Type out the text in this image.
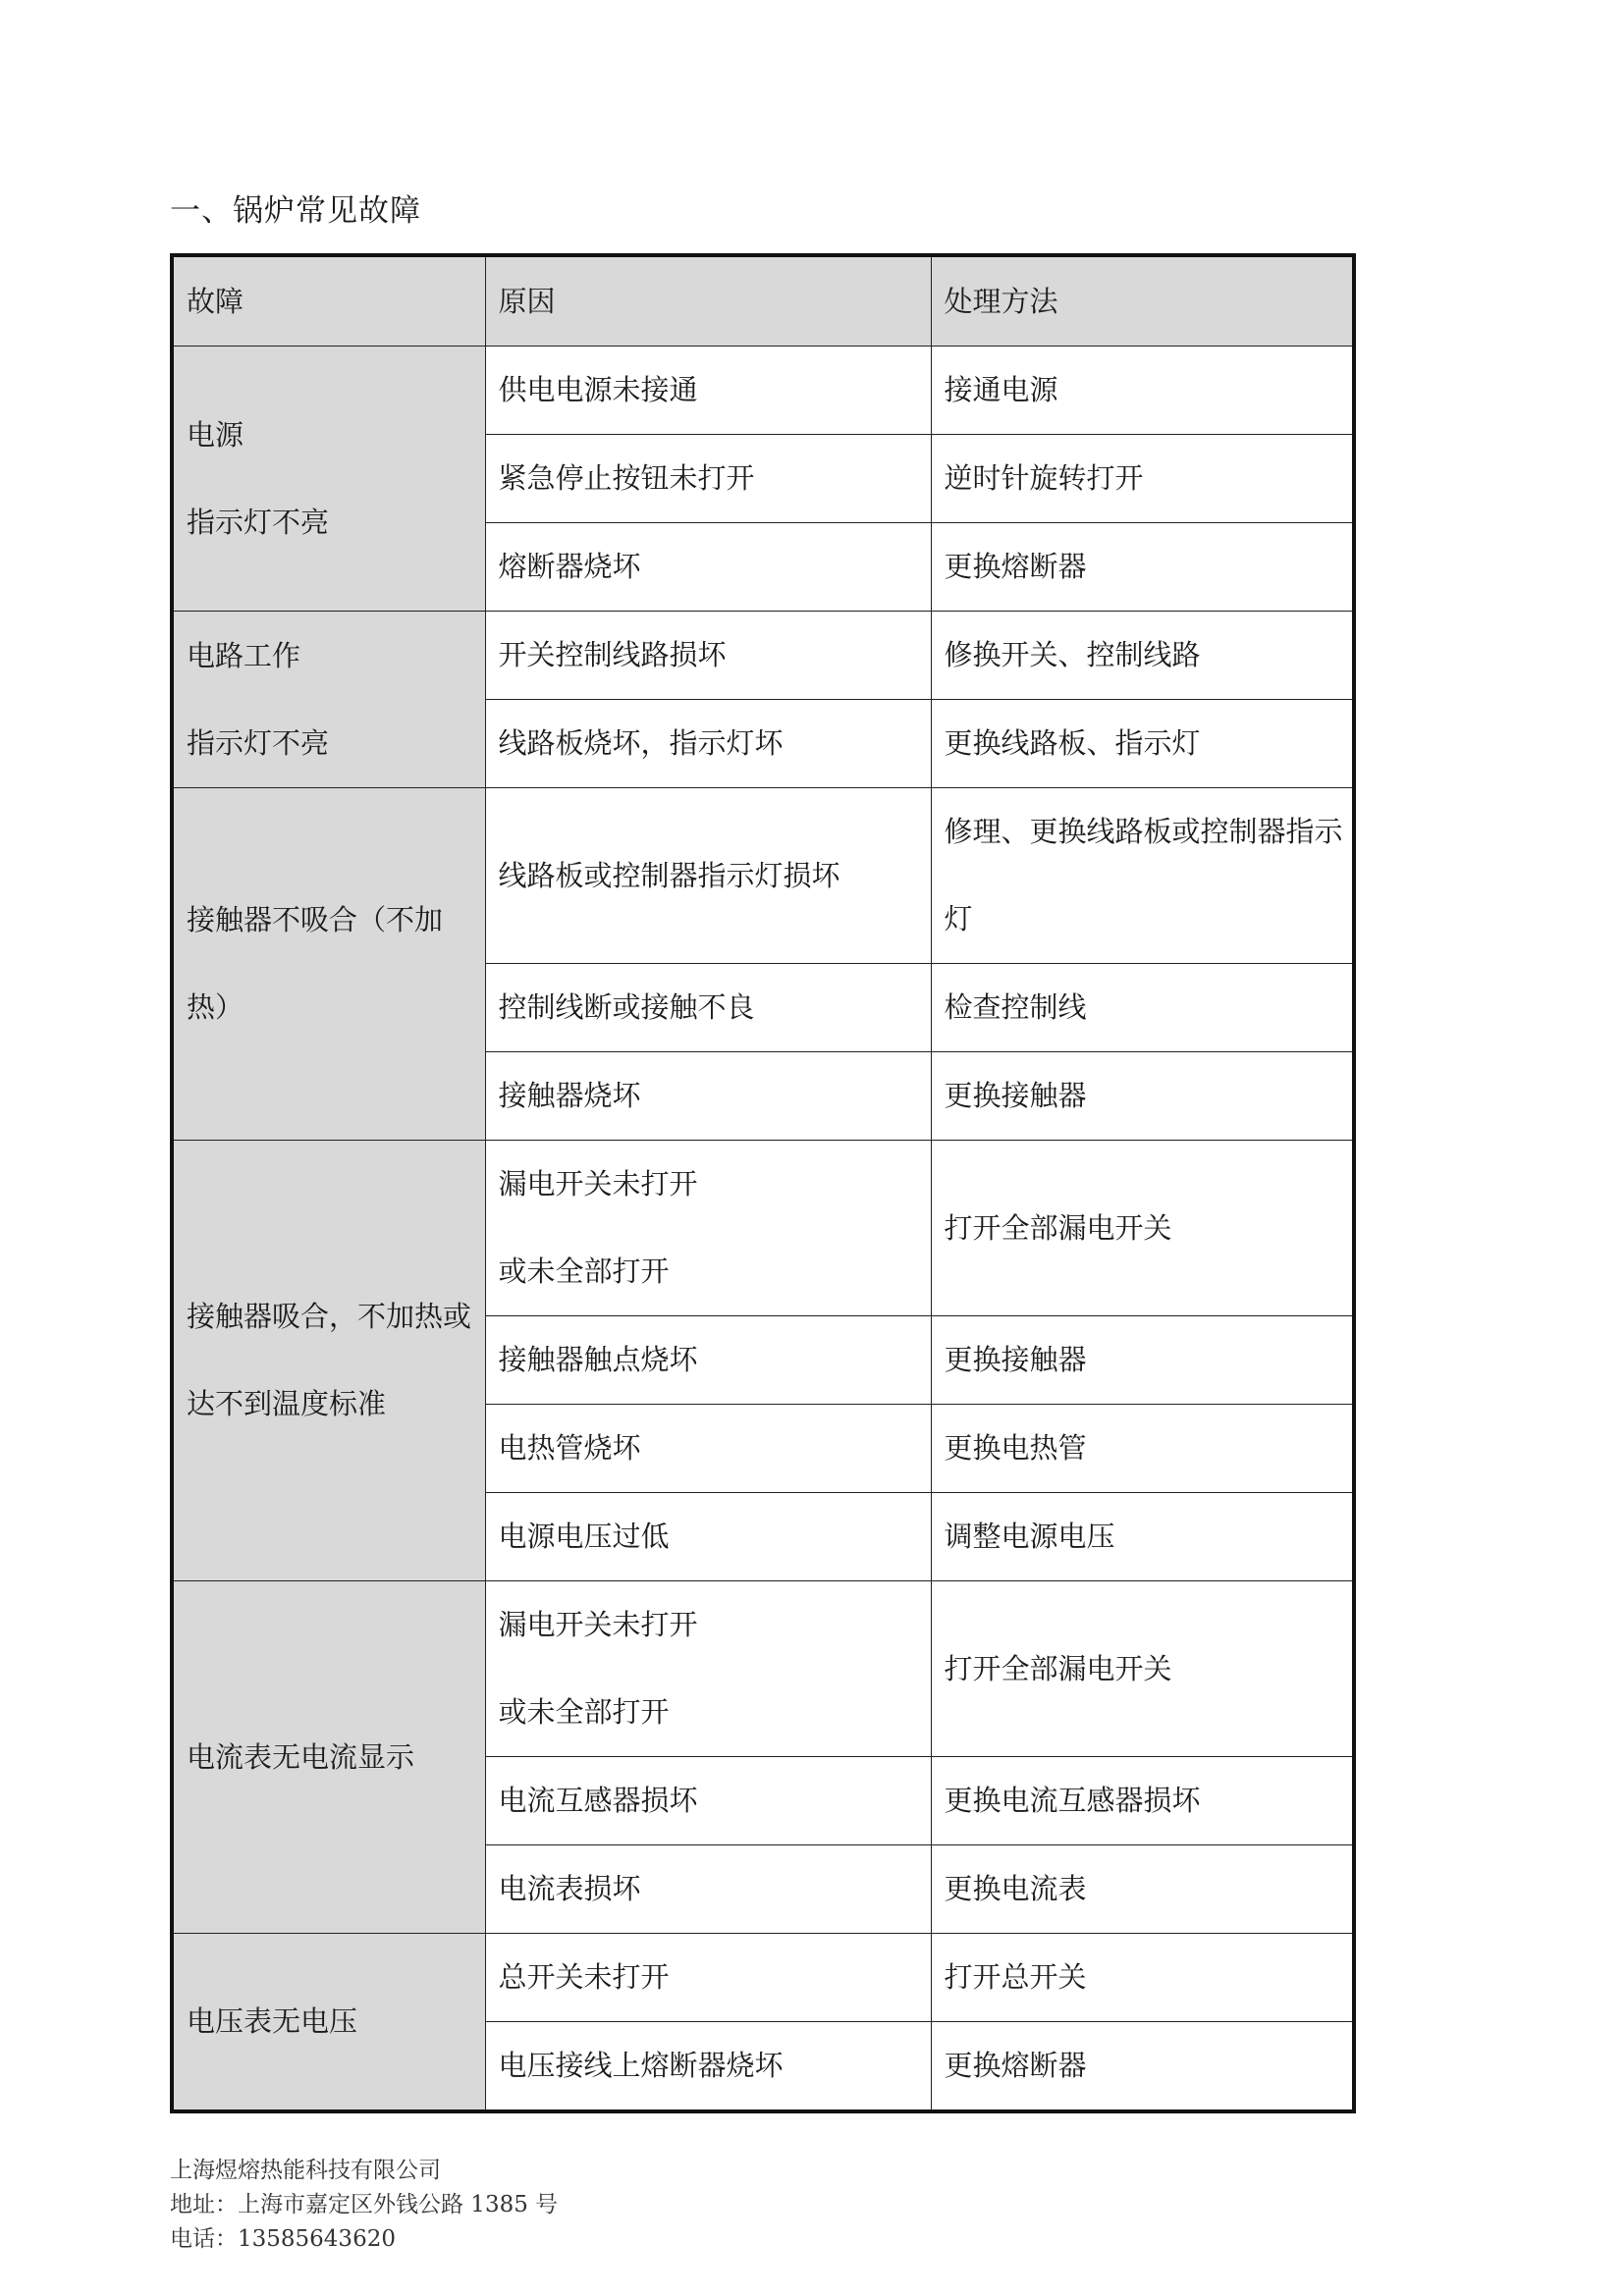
一、锅炉常见故障
故障	原因	处理方法

电源
指示灯不亮	供电电源未接通	接通电源

	紧急停止按钮未打开	逆时针旋转打开

	熔断器烧坏	更换熔断器

电路工作
指示灯不亮	开关控制线路损坏	修换开关、控制线路

	线路板烧坏，指示灯坏	更换线路板、指示灯

接触器不吸合（不加
热）	线路板或控制器指示灯损坏	修理、更换线路板或控制器指示
灯

	控制线断或接触不良	检查控制线

	接触器烧坏	更换接触器

接触器吸合，不加热或
达不到温度标准	漏电开关未打开
或未全部打开	打开全部漏电开关

	接触器触点烧坏	更换接触器

	电热管烧坏	更换电热管

	电源电压过低	调整电源电压

电流表无电流显示	漏电开关未打开
或未全部打开	打开全部漏电开关

	电流互感器损坏	更换电流互感器损坏

	电流表损坏	更换电流表

电压表无电压	总开关未打开	打开总开关

	电压接线上熔断器烧坏	更换熔断器
上海煜熔热能科技有限公司
地址：上海市嘉定区外钱公路 1385 号
电话：13585643620
